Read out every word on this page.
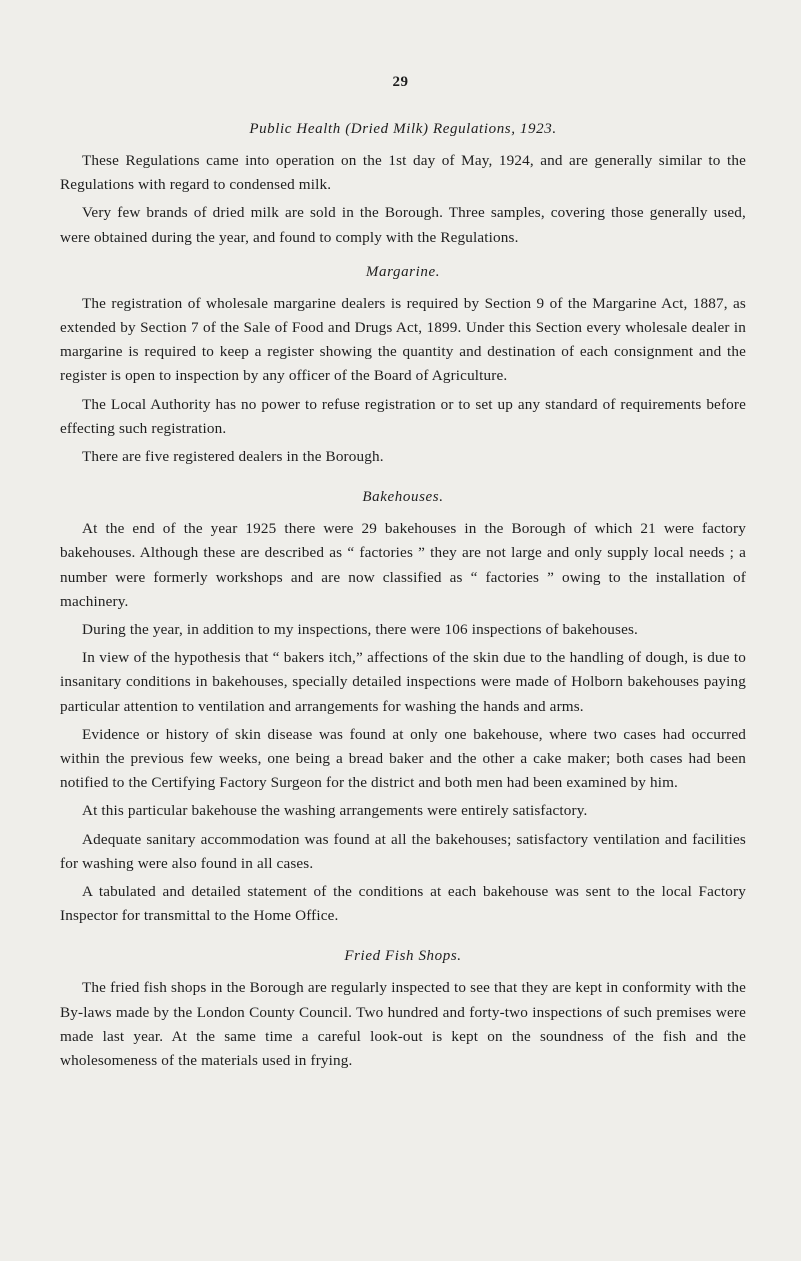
29
Public Health (Dried Milk) Regulations, 1923.

These Regulations came into operation on the 1st day of May, 1924, and are generally similar to the Regulations with regard to condensed milk.

Very few brands of dried milk are sold in the Borough. Three samples, covering those generally used, were obtained during the year, and found to comply with the Regulations.

Margarine.

The registration of wholesale margarine dealers is required by Section 9 of the Margarine Act, 1887, as extended by Section 7 of the Sale of Food and Drugs Act, 1899. Under this Section every wholesale dealer in margarine is required to keep a register showing the quantity and destination of each consignment and the register is open to inspection by any officer of the Board of Agriculture.

The Local Authority has no power to refuse registration or to set up any standard of requirements before effecting such registration.

There are five registered dealers in the Borough.

Bakehouses.

At the end of the year 1925 there were 29 bakehouses in the Borough of which 21 were factory bakehouses. Although these are described as “ factories ” they are not large and only supply local needs ; a number were formerly workshops and are now classified as “ factories ” owing to the installation of machinery.

During the year, in addition to my inspections, there were 106 inspections of bakehouses.

In view of the hypothesis that “ bakers itch,” affections of the skin due to the handling of dough, is due to insanitary conditions in bakehouses, specially detailed inspections were made of Holborn bakehouses paying particular attention to ventilation and arrangements for washing the hands and arms.

Evidence or history of skin disease was found at only one bakehouse, where two cases had occurred within the previous few weeks, one being a bread baker and the other a cake maker; both cases had been notified to the Certifying Factory Surgeon for the district and both men had been examined by him.

At this particular bakehouse the washing arrangements were entirely satisfactory.

Adequate sanitary accommodation was found at all the bakehouses; satisfactory ventilation and facilities for washing were also found in all cases.

A tabulated and detailed statement of the conditions at each bakehouse was sent to the local Factory Inspector for transmittal to the Home Office.

Fried Fish Shops.

The fried fish shops in the Borough are regularly inspected to see that they are kept in conformity with the By-laws made by the London County Council. Two hundred and forty-two inspections of such premises were made last year. At the same time a careful look-out is kept on the soundness of the fish and the wholesomeness of the materials used in frying.
